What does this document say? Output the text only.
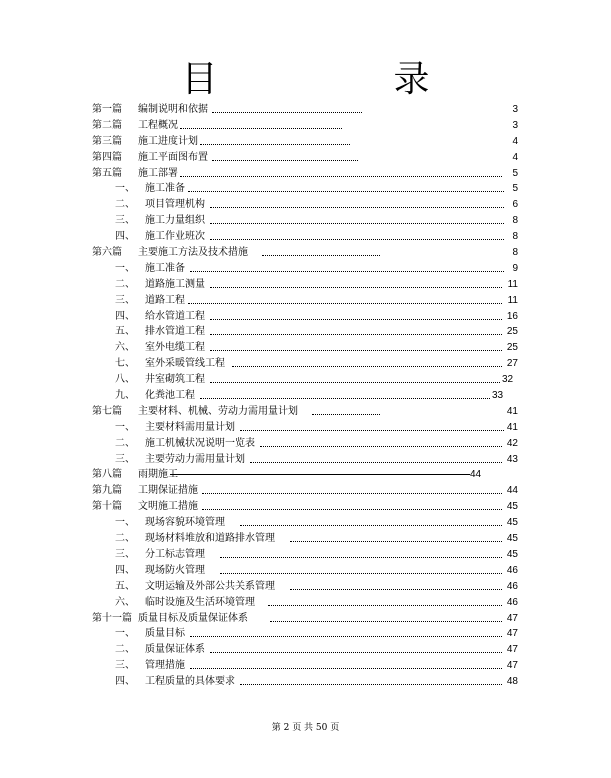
目　录
第一篇 编制说明和依据	3
第二篇 工程概况	3
第三篇 施工进度计划	4
第四篇 施工平面图布置	4
第五篇 施工部署	5
一、 施工准备	5
二、 项目管理机构	6
三、 施工力量组织	8
四、 施工作业班次	8
第六篇 主要施工方法及技术措施	8
一、 施工准备	9
二、 道路施工测量	11
三、 道路工程	11
四、 给水管道工程	16
五、 排水管道工程	25
六、 室外电缆工程	25
七、 室外采暖管线工程	27
八、 井室砌筑工程	32
九、 化粪池工程	33
第七篇 主要材料、机械、劳动力需用量计划	41
一、 主要材料需用量计划	41
二、 施工机械状况说明一览表	42
三、 主要劳动力需用量计划	43
第八篇 雨期施工	44
第九篇 工期保证措施	44
第十篇 文明施工措施	45
一、 现场容貌环境管理	45
二、 现场材料堆放和道路排水管理	45
三、 分工标志管理	45
四、 现场防火管理	46
五、 文明运输及外部公共关系管理	46
六、 临时设施及生活环境管理	46
第十一篇 质量目标及质量保证体系	47
一、 质量目标	47
二、 质量保证体系	47
三、 管理措施	47
四、 工程质量的具体要求	48
第 2 页 共 50 页
